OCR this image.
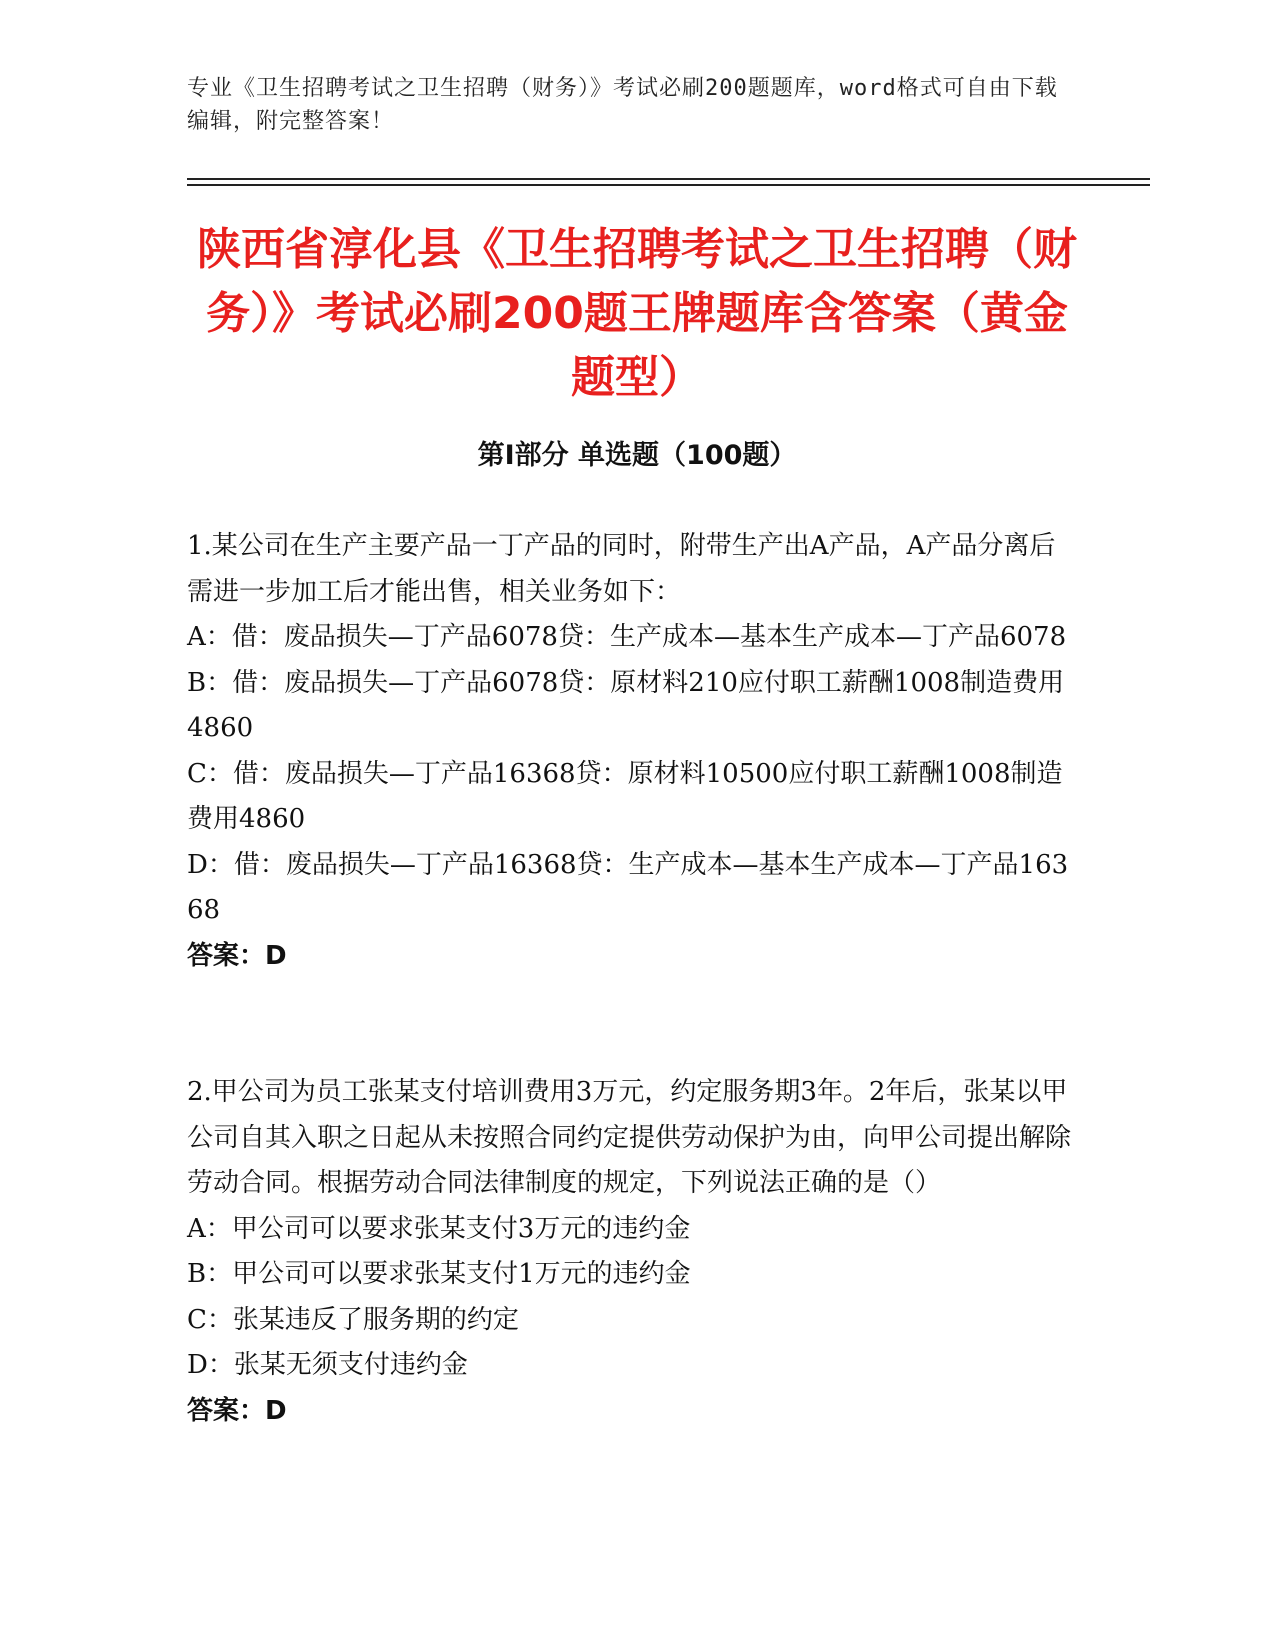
专业《卫生招聘考试之卫生招聘（财务）》考试必刷200题题库，word格式可自由下载编辑，附完整答案！
陕西省淳化县《卫生招聘考试之卫生招聘（财务）》考试必刷200题王牌题库含答案（黄金题型）
第I部分 单选题（100题）

1.某公司在生产主要产品一丁产品的同时，附带生产出A产品，A产品分离后需进一步加工后才能出售，相关业务如下：

A：借：废品损失—丁产品6078贷：生产成本—基本生产成本—丁产品6078

B：借：废品损失—丁产品6078贷：原材料210应付职工薪酬1008制造费用4860

C：借：废品损失—丁产品16368贷：原材料10500应付职工薪酬1008制造费用4860

D：借：废品损失—丁产品16368贷：生产成本—基本生产成本—丁产品16368

答案：D

2.甲公司为员工张某支付培训费用3万元，约定服务期3年。2年后，张某以甲公司自其入职之日起从未按照合同约定提供劳动保护为由，向甲公司提出解除劳动合同。根据劳动合同法律制度的规定，下列说法正确的是（）

A：甲公司可以要求张某支付3万元的违约金

B：甲公司可以要求张某支付1万元的违约金

C：张某违反了服务期的约定

D：张某无须支付违约金

答案：D
